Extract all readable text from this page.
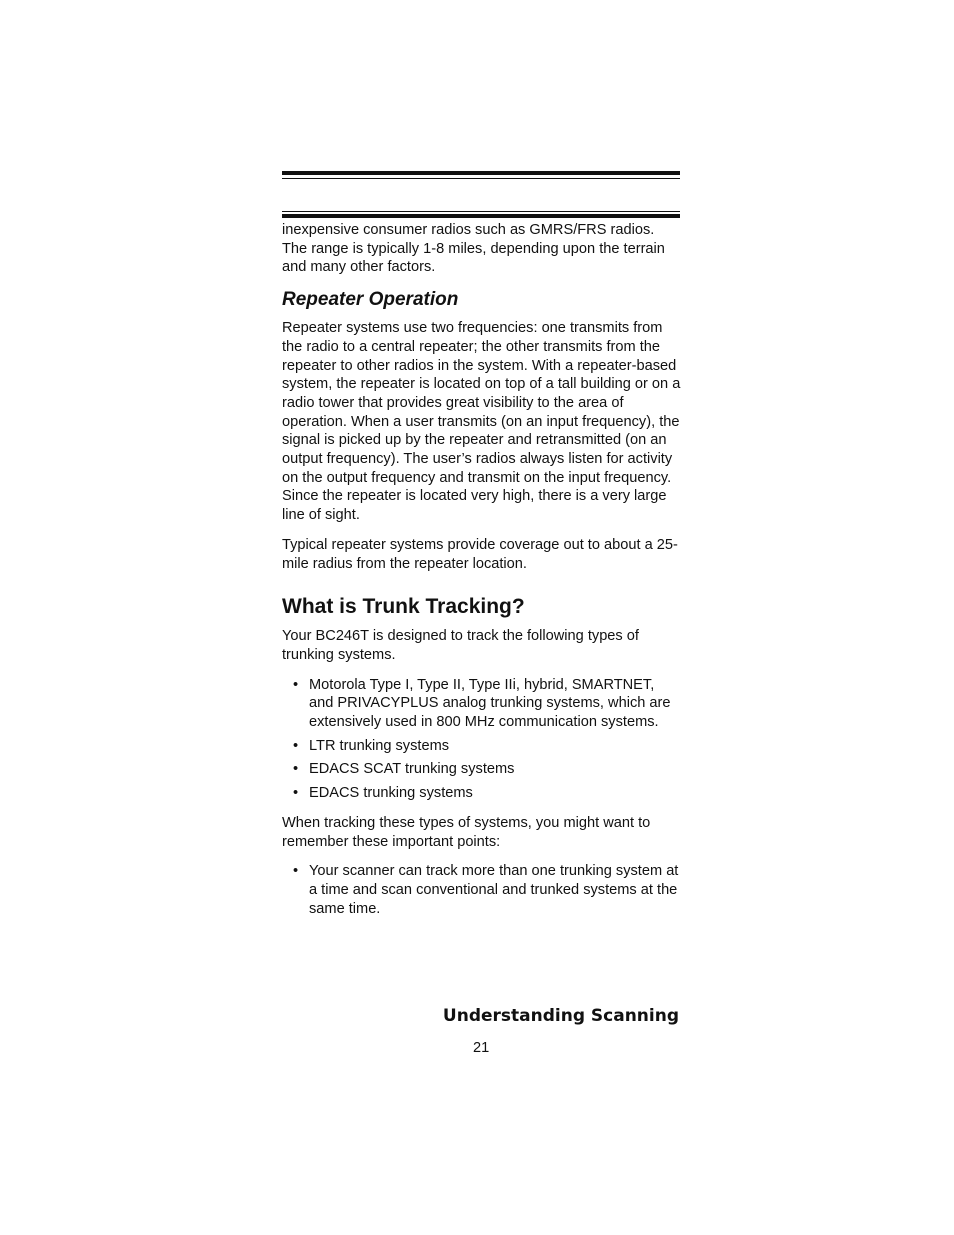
inexpensive consumer radios such as GMRS/FRS radios. The range is typically 1-8 miles, depending upon the terrain and many other factors.

Repeater Operation

Repeater systems use two frequencies: one transmits from the radio to a central repeater; the other transmits from the repeater to other radios in the system. With a repeater-based system, the repeater is located on top of a tall building or on a radio tower that provides great visibility to the area of operation. When a user transmits (on an input frequency), the signal is picked up by the repeater and retransmitted (on an output frequency). The user’s radios always listen for activity on the output frequency and transmit on the input frequency. Since the repeater is located very high, there is a very large line of sight.

Typical repeater systems provide coverage out to about a 25-mile radius from the repeater location.

What is Trunk Tracking?

Your BC246T is designed to track the following types of trunking systems.

• Motorola Type I, Type II, Type IIi, hybrid, SMARTNET, and PRIVACYPLUS analog trunking systems, which are extensively used in 800 MHz communication systems.
• LTR trunking systems
• EDACS SCAT trunking systems
• EDACS trunking systems

When tracking these types of systems, you might want to remember these important points:

• Your scanner can track more than one trunking system at a time and scan conventional and trunked systems at the same time.
Understanding Scanning
21
